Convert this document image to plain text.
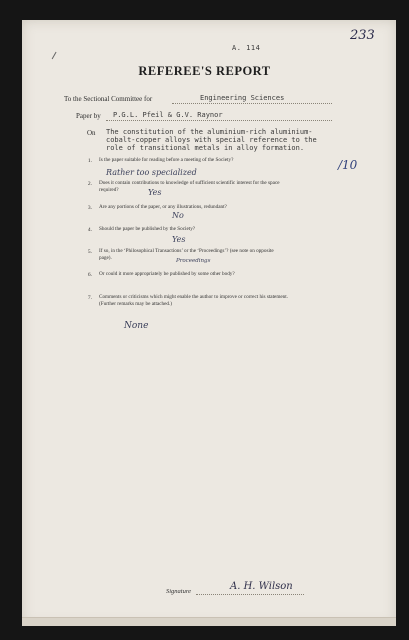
A. 114
233
REFEREE'S REPORT
To the Sectional Committee for	Engineering Sciences
Paper by P.G.L. Pfeil & G.V. Raynor
On The constitution of the aluminium-rich aluminium-
cobalt-copper alloys with special reference to the
role of transitional metals in alloy formation.
1. Is the paper suitable for reading before a meeting of the Society?
Rather too specialized
/10
2. Does it contain contributions to knowledge of sufficient scientific interest for the space
required?	Yes
3. Are any portions of the paper, or any illustrations, redundant?
No
4. Should the paper be published by the Society?
Yes
5. If so, in the ‘Philosophical Transactions’ or the ‘Proceedings’? (see note on opposite
page).	Proceedings
6. Or could it more appropriately be published by some other body?
7. Comments or criticisms which might enable the author to improve or correct his statement.
(Further remarks may be attached.)
None
Signature	A. H. Wilson
